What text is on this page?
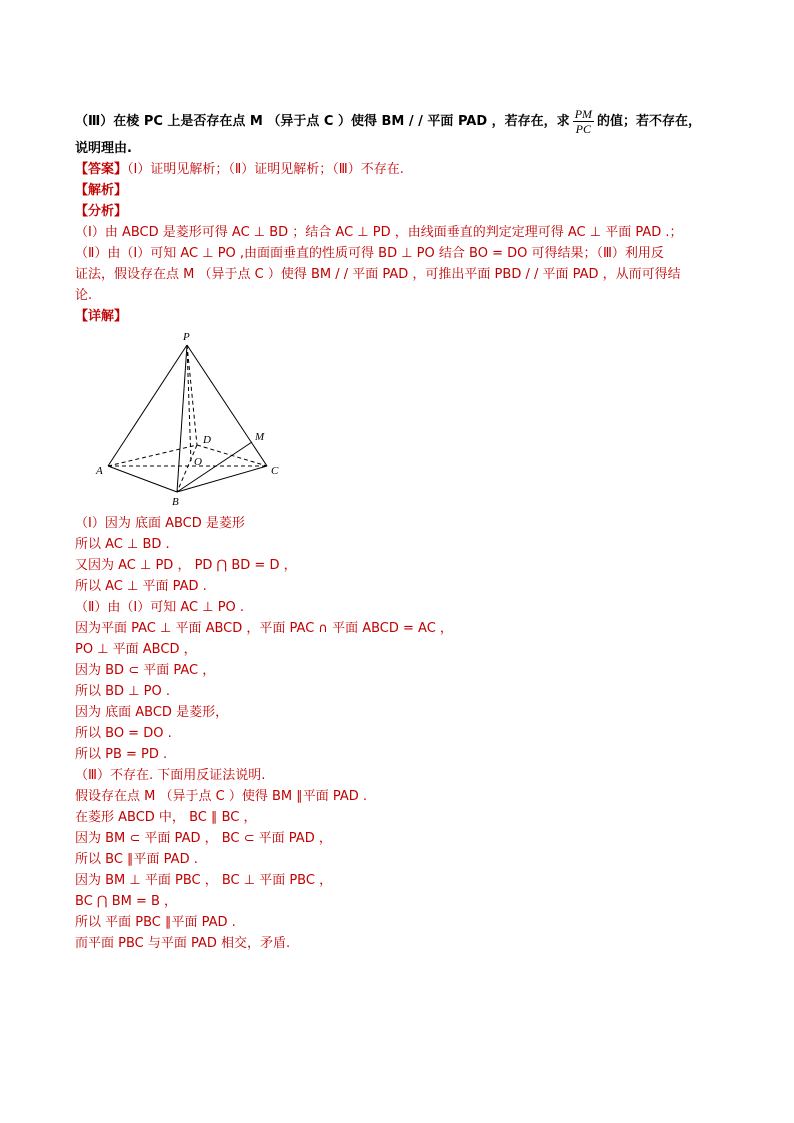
（Ⅲ）在棱 PC 上是否存在点 M （异于点 C ）使得 BM / / 平面 PAD ，若存在，求 $\frac{PM}{PC}$ 的值；若不存在，
说明理由.
【答案】（Ⅰ）证明见解析；（Ⅱ）证明见解析；（Ⅲ）不存在.
【解析】
【分析】
（Ⅰ）由 ABCD 是菱形可得 AC ⊥ BD ；结合 AC ⊥ PD ，由线面垂直的判定定理可得 AC ⊥ 平面 PAD .；
（Ⅱ）由（Ⅰ）可知 AC ⊥ PO ,由面面垂直的性质可得 BD ⊥ PO 结合 BO = DO 可得结果；（Ⅲ）利用反
证法，假设存在点 M （异于点 C ）使得 BM / / 平面 PAD ，可推出平面 PBD / / 平面 PAD ，从而可得结
论.
【详解】
P
A
B
C
D
O
M
（Ⅰ）因为 底面 ABCD 是菱形
所以 AC ⊥ BD .
又因为 AC ⊥ PD ， PD ⋂ BD = D ，
所以 AC ⊥ 平面 PAD .
（Ⅱ）由（Ⅰ）可知 AC ⊥ PO .
因为平面 PAC ⊥ 平面 ABCD ，平面 PAC ∩ 平面 ABCD = AC ，
PO ⊥ 平面 ABCD ，
因为 BD ⊂ 平面 PAC ，
所以 BD ⊥ PO .
因为 底面 ABCD 是菱形，
所以 BO = DO .
所以 PB = PD .
（Ⅲ）不存在. 下面用反证法说明.
假设存在点 M （异于点 C ）使得 BM ∥平面 PAD .
在菱形 ABCD 中， BC ∥ BC ，
因为 BM ⊂ 平面 PAD ， BC ⊂ 平面 PAD ，
所以 BC ∥平面 PAD .
因为 BM ⊥ 平面 PBC ， BC ⊥ 平面 PBC ，
BC ⋂ BM = B ，
所以 平面 PBC ∥平面 PAD .
而平面 PBC 与平面 PAD 相交，矛盾.
